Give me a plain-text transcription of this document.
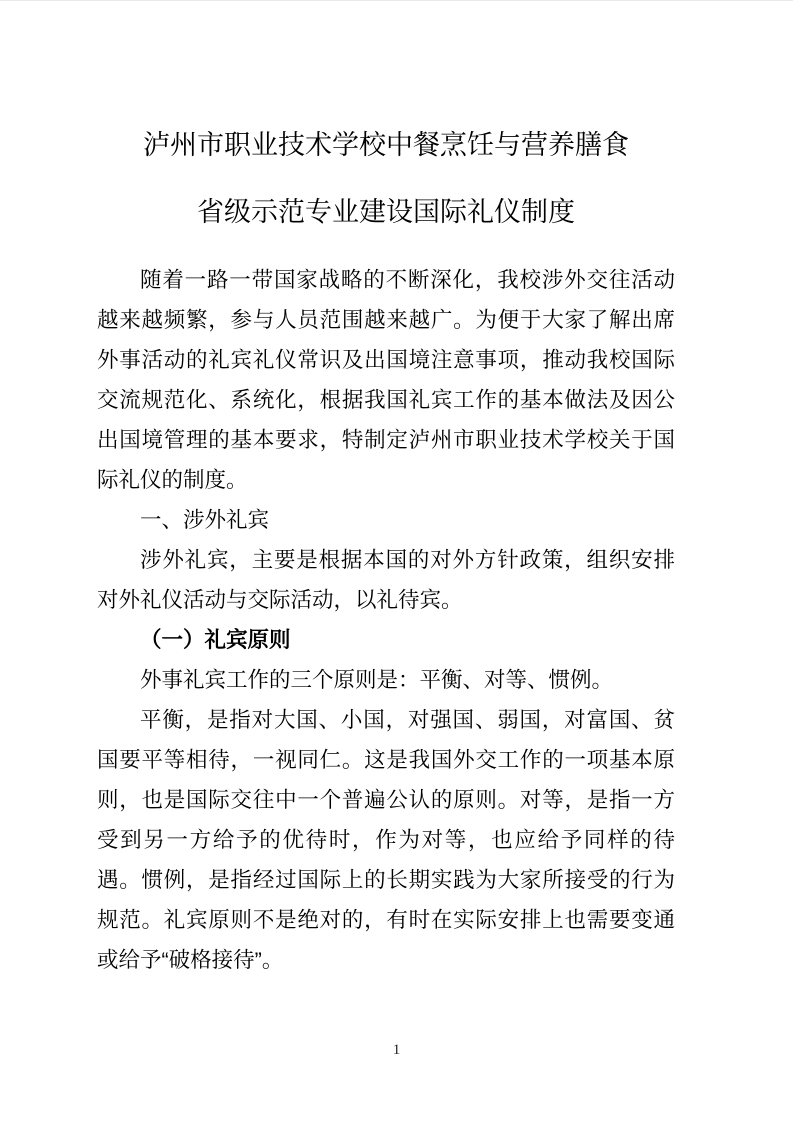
泸州市职业技术学校中餐烹饪与营养膳食
省级示范专业建设国际礼仪制度

随着一路一带国家战略的不断深化，我校涉外交往活动越来越频繁，参与人员范围越来越广。为便于大家了解出席外事活动的礼宾礼仪常识及出国境注意事项，推动我校国际交流规范化、系统化，根据我国礼宾工作的基本做法及因公出国境管理的基本要求，特制定泸州市职业技术学校关于国际礼仪的制度。

一、涉外礼宾

涉外礼宾，主要是根据本国的对外方针政策，组织安排对外礼仪活动与交际活动，以礼待宾。

（一）礼宾原则

外事礼宾工作的三个原则是：平衡、对等、惯例。

平衡，是指对大国、小国，对强国、弱国，对富国、贫国要平等相待，一视同仁。这是我国外交工作的一项基本原则，也是国际交往中一个普遍公认的原则。对等，是指一方受到另一方给予的优待时，作为对等，也应给予同样的待遇。惯例，是指经过国际上的长期实践为大家所接受的行为规范。礼宾原则不是绝对的，有时在实际安排上也需要变通或给予“破格接待”。

1
